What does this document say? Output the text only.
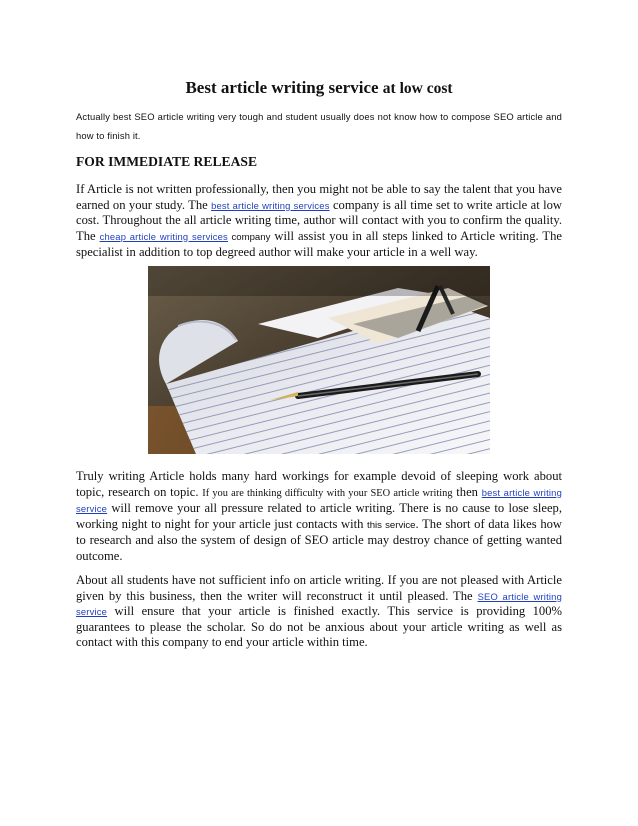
Best article writing service at low cost
Actually best SEO article writing very tough and student usually does not know how to compose SEO article and how to finish it.
FOR IMMEDIATE RELEASE
If Article is not written professionally, then you might not be able to say the talent that you have earned on your study. The best article writing services company is all time set to write article at low cost. Throughout the all article writing time, author will contact with you to confirm the quality. The cheap article writing services company will assist you in all steps linked to Article writing. The specialist in addition to top degreed author will make your article in a well way.
Truly writing Article holds many hard workings for example devoid of sleeping work about topic, research on topic. If you are thinking difficulty with your SEO article writing then best article writing service will remove your all pressure related to article writing. There is no cause to lose sleep, working night to night for your article just contacts with this service. The short of data likes how to research and also the system of design of SEO article may destroy chance of getting wanted outcome.
About all students have not sufficient info on article writing. If you are not pleased with Article given by this business, then the writer will reconstruct it until pleased. The SEO article writing service will ensure that your article is finished exactly. This service is providing 100% guarantees to please the scholar. So do not be anxious about your article writing as well as contact with this company to end your article within time.
